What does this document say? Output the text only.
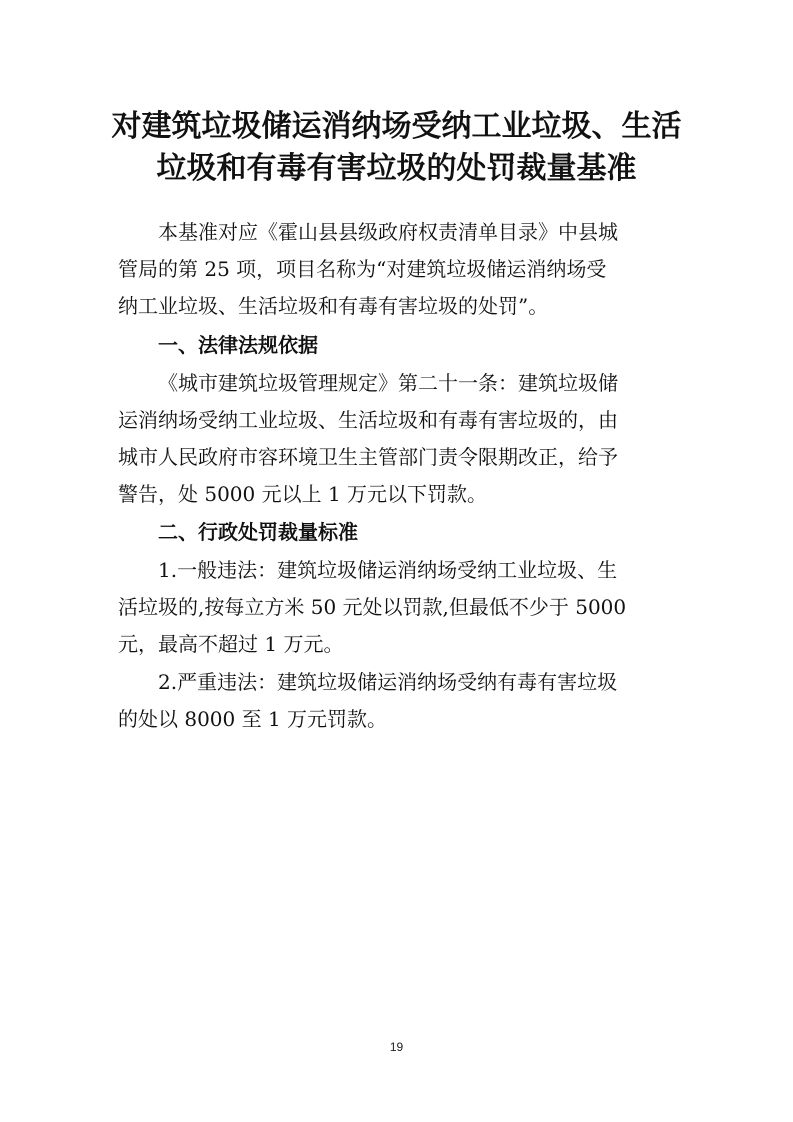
对建筑垃圾储运消纳场受纳工业垃圾、生活
垃圾和有毒有害垃圾的处罚裁量基准

本基准对应《霍山县县级政府权责清单目录》中县城
管局的第 25 项，项目名称为“对建筑垃圾储运消纳场受
纳工业垃圾、生活垃圾和有毒有害垃圾的处罚”。

一、法律法规依据

《城市建筑垃圾管理规定》第二十一条：建筑垃圾储
运消纳场受纳工业垃圾、生活垃圾和有毒有害垃圾的，由
城市人民政府市容环境卫生主管部门责令限期改正，给予
警告，处 5000 元以上 1 万元以下罚款。

二、行政处罚裁量标准

1.一般违法：建筑垃圾储运消纳场受纳工业垃圾、生
活垃圾的,按每立方米 50 元处以罚款,但最低不少于 5000
元，最高不超过 1 万元。

2.严重违法：建筑垃圾储运消纳场受纳有毒有害垃圾
的处以 8000 至 1 万元罚款。

19
